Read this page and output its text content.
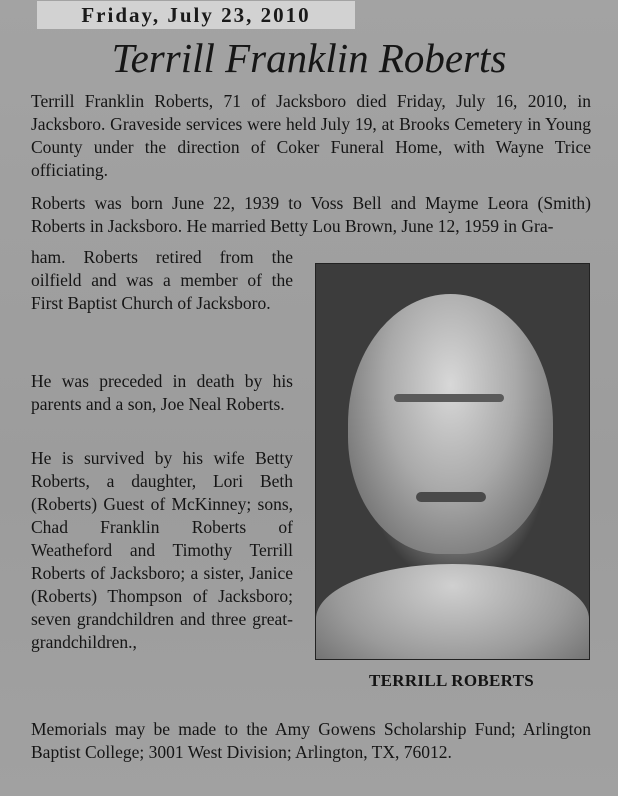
Friday, July 23, 2010
Terrill Franklin Roberts

Terrill Franklin Roberts, 71 of Jacksboro died Friday, July 16, 2010, in Jacksboro. Graveside services were held July 19, at Brooks Cemetery in Young County under the direction of Coker Funeral Home, with Wayne Trice officiating.

Roberts was born June 22, 1939 to Voss Bell and Mayme Leora (Smith) Roberts in Jacksboro. He married Betty Lou Brown, June 12, 1959 in Gra-

ham. Roberts retired from the oilfield and was a member of the First Baptist Church of Jacksboro.

He was preceded in death by his parents and a son, Joe Neal Roberts.

He is survived by his wife Betty Roberts, a daughter, Lori Beth (Roberts) Guest of McKinney; sons, Chad Franklin Roberts of Weatheford and Timothy Terrill Roberts of Jacksboro; a sister, Janice (Roberts) Thompson of Jacksboro; seven grandchildren and three great-grandchildren.,

TERRILL ROBERTS

Memorials may be made to the Amy Gowens Scholarship Fund; Arlington Baptist College; 3001 West Division; Arlington, TX, 76012.
